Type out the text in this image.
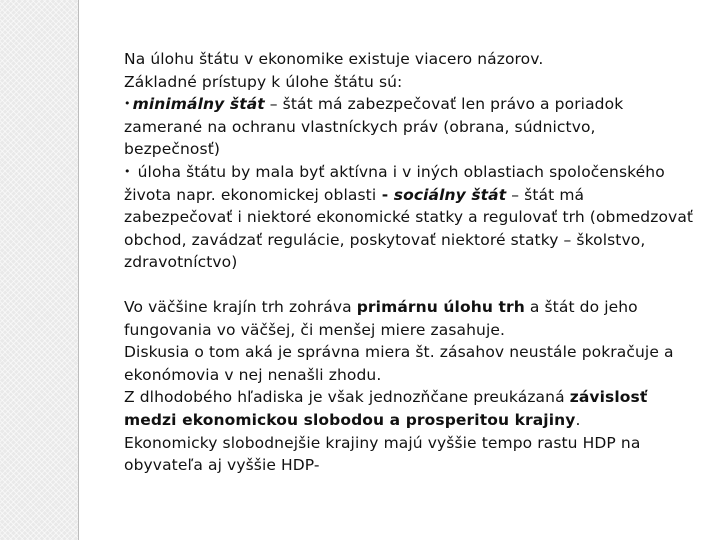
Na úlohu štátu v ekonomike existuje viacero názorov.

Základné prístupy k úlohe štátu sú:

• minimálny štát – štát má zabezpečovať len právo a poriadok zamerané na ochranu vlastníckych práv (obrana, súdnictvo, bezpečnosť)

• úloha štátu by mala byť aktívna i v iných oblastiach spoločenského života napr. ekonomickej oblasti - sociálny štát – štát má zabezpečovať i niektoré ekonomické statky a regulovať trh (obmedzovať obchod, zavádzať regulácie, poskytovať niektoré statky – školstvo, zdravotníctvo)

Vo väčšine krajín trh zohráva primárnu úlohu trh a štát do jeho fungovania vo väčšej, či menšej miere zasahuje.

Diskusia o tom aká je správna miera št. zásahov neustále pokračuje a ekonómovia v nej nenašli zhodu.

Z dlhodobého hľadiska je však jednozňčane preukázaná závislosť medzi ekonomickou slobodou a prosperitou krajiny.

Ekonomicky slobodnejšie krajiny majú vyššie tempo rastu HDP na obyvateľa aj vyššie HDP-
